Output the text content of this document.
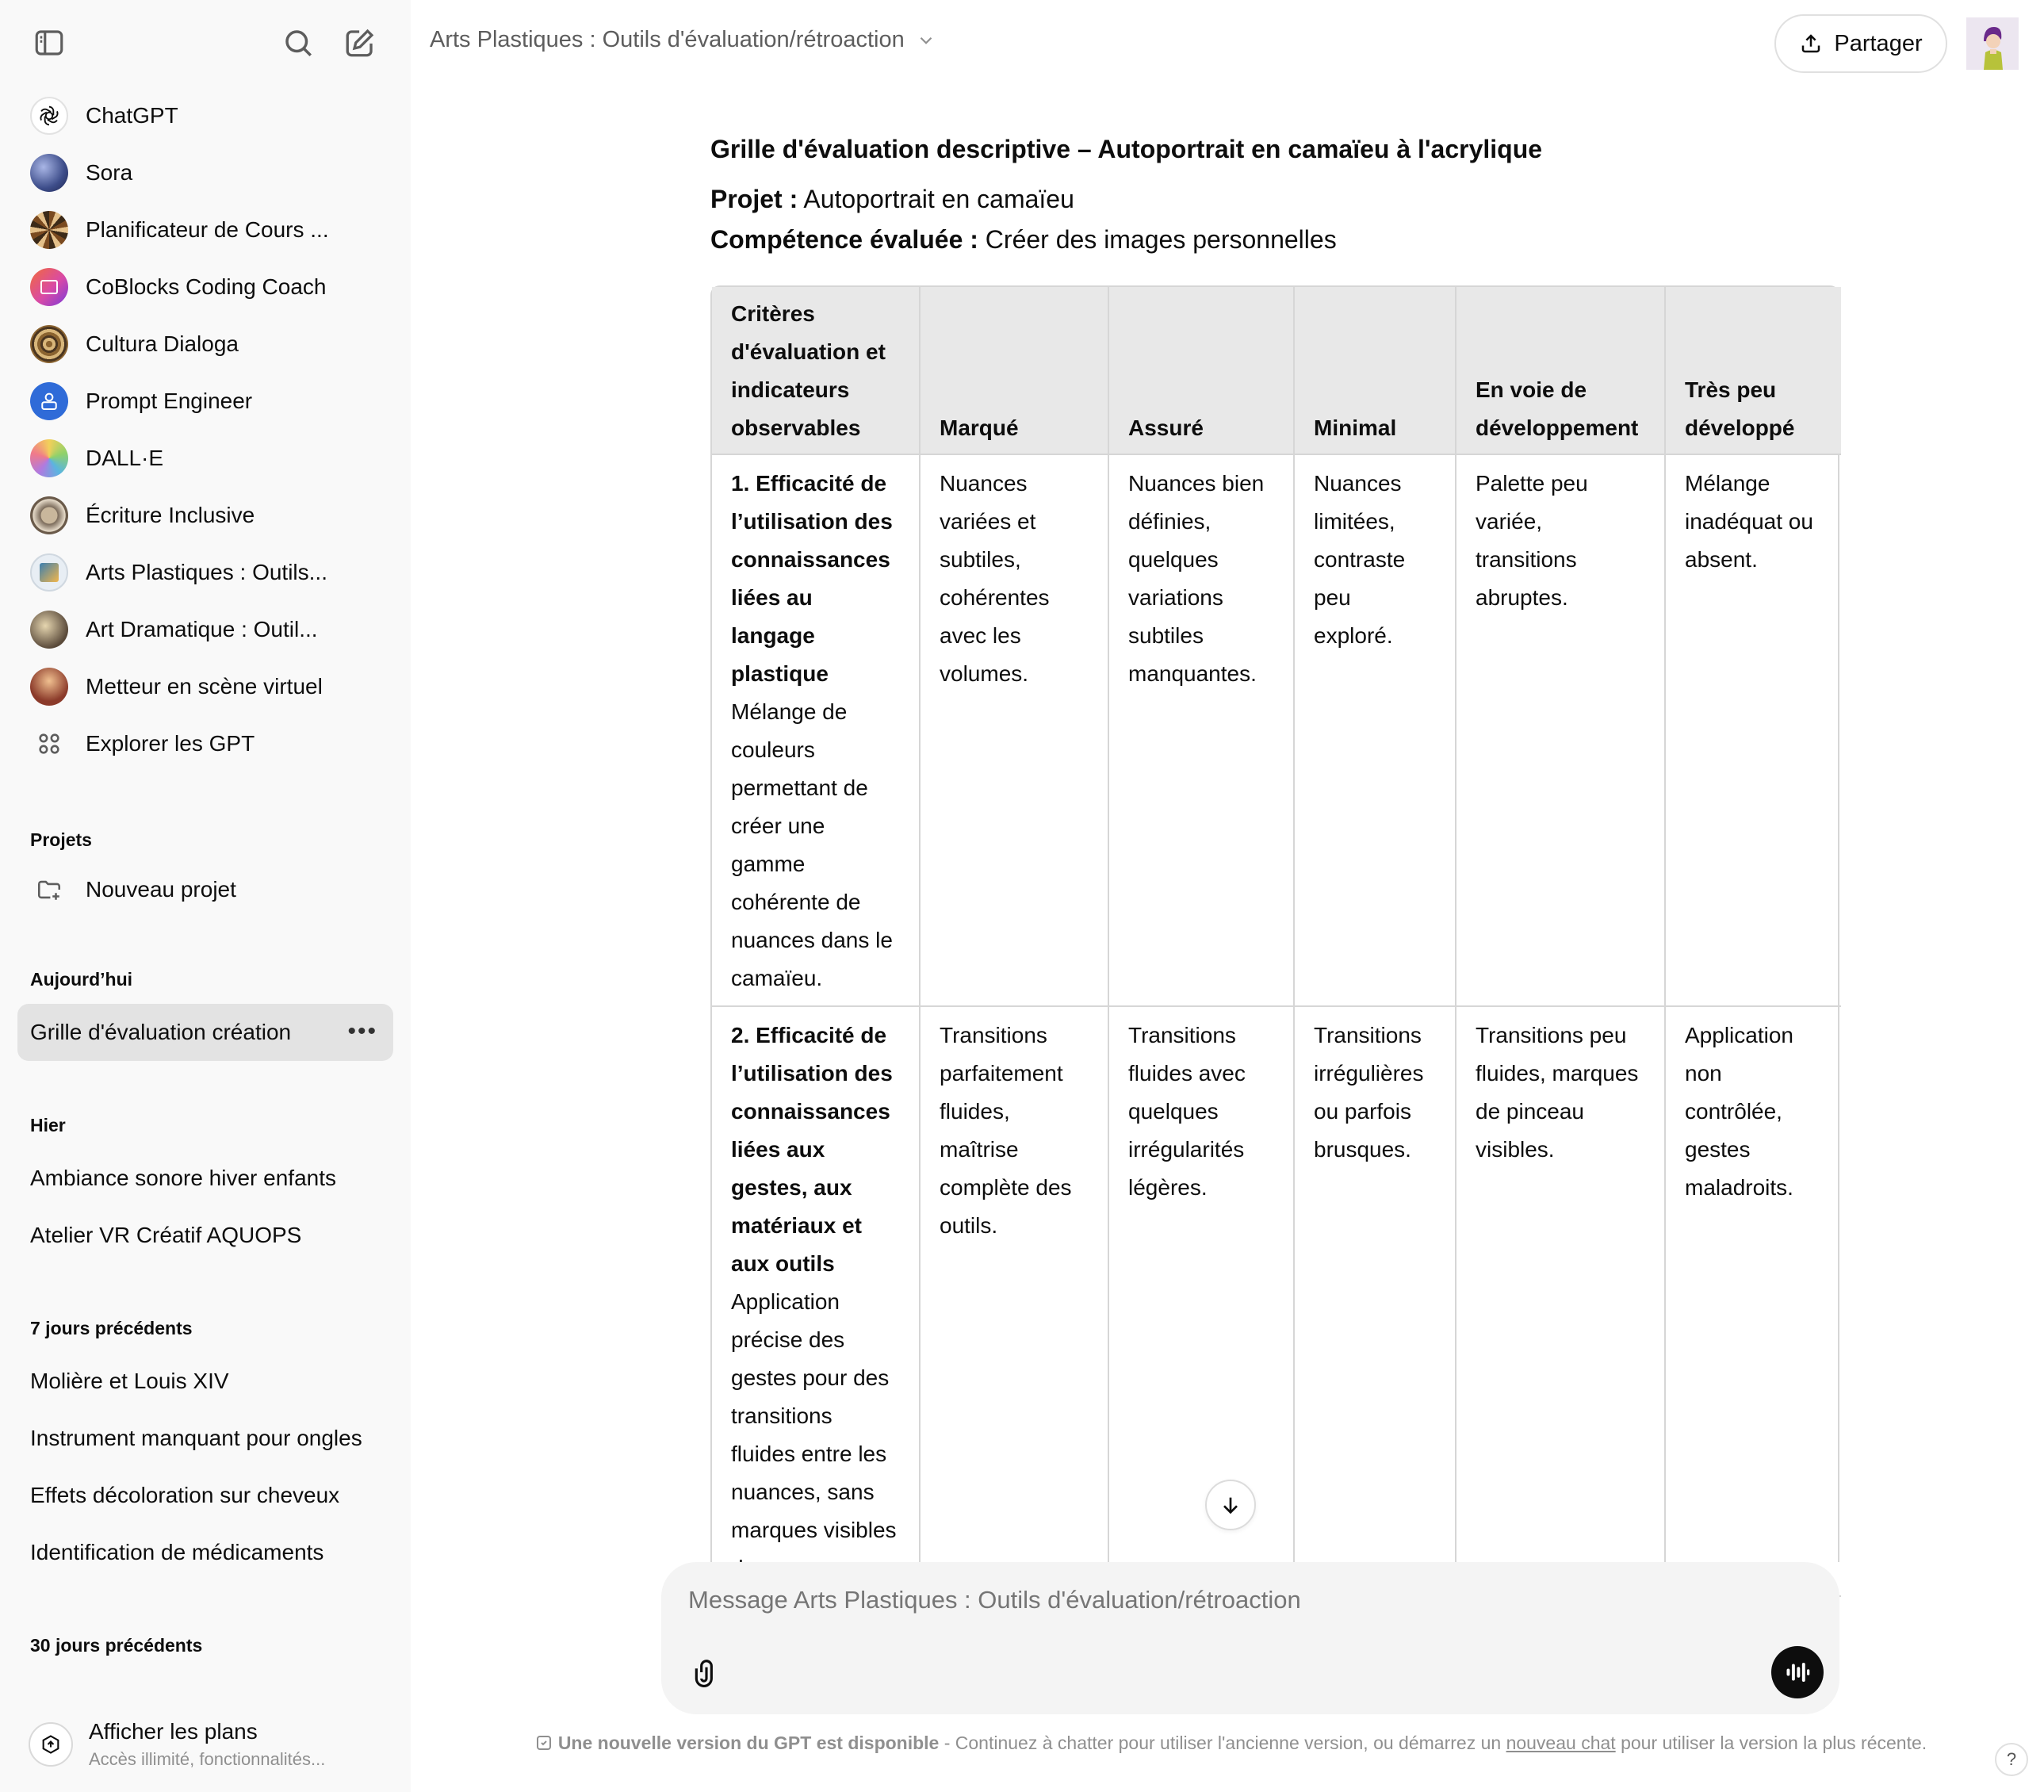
ChatGPT
Sora
Planificateur de Cours ...
CoBlocks Coding Coach
Cultura Dialoga
Prompt Engineer
DALL·E
Écriture Inclusive
Arts Plastiques : Outils...
Art Dramatique : Outil...
Metteur en scène virtuel
Explorer les GPT
Projets
Nouveau projet
Aujourd’hui
Grille d'évaluation création •••
Hier
Ambiance sonore hiver enfants
Atelier VR Créatif AQUOPS
7 jours précédents
Molière et Louis XIV
Instrument manquant pour ongles
Effets décoloration sur cheveux
Identification de médicaments
30 jours précédents
Afficher les plans
Accès illimité, fonctionnalités...
Arts Plastiques : Outils d'évaluation/rétroaction	Partager
Grille d'évaluation descriptive – Autoportrait en camaïeu à l'acrylique

Projet : Autoportrait en camaïeu

Compétence évaluée : Créer des images personnelles

Critères d'évaluation et indicateurs observables	Marqué	Assuré	Minimal	En voie de développement	Très peu développé
1. Efficacité de l’utilisation des connaissances liées au langage plastique Mélange de couleurs permettant de créer une gamme cohérente de nuances dans le camaïeu.	Nuances variées et subtiles, cohérentes avec les volumes.	Nuances bien définies, quelques variations subtiles manquantes.	Nuances limitées, contraste peu exploré.	Palette peu variée, transitions abruptes.	Mélange inadéquat ou absent.
2. Efficacité de l’utilisation des connaissances liées aux gestes, aux matériaux et aux outils Application précise des gestes pour des transitions fluides entre les nuances, sans marques visibles	Transitions parfaitement fluides, maîtrise complète des outils.	Transitions fluides avec quelques irrégularités légères.	Transitions irrégulières ou parfois brusques.	Transitions peu fluides, marques de pinceau visibles.	Application non contrôlée, gestes maladroits.
Message Arts Plastiques : Outils d'évaluation/rétroaction
Une nouvelle version du GPT est disponible - Continuez à chatter pour utiliser l'ancienne version, ou démarrez un nouveau chat pour utiliser la version la plus récente.
?
